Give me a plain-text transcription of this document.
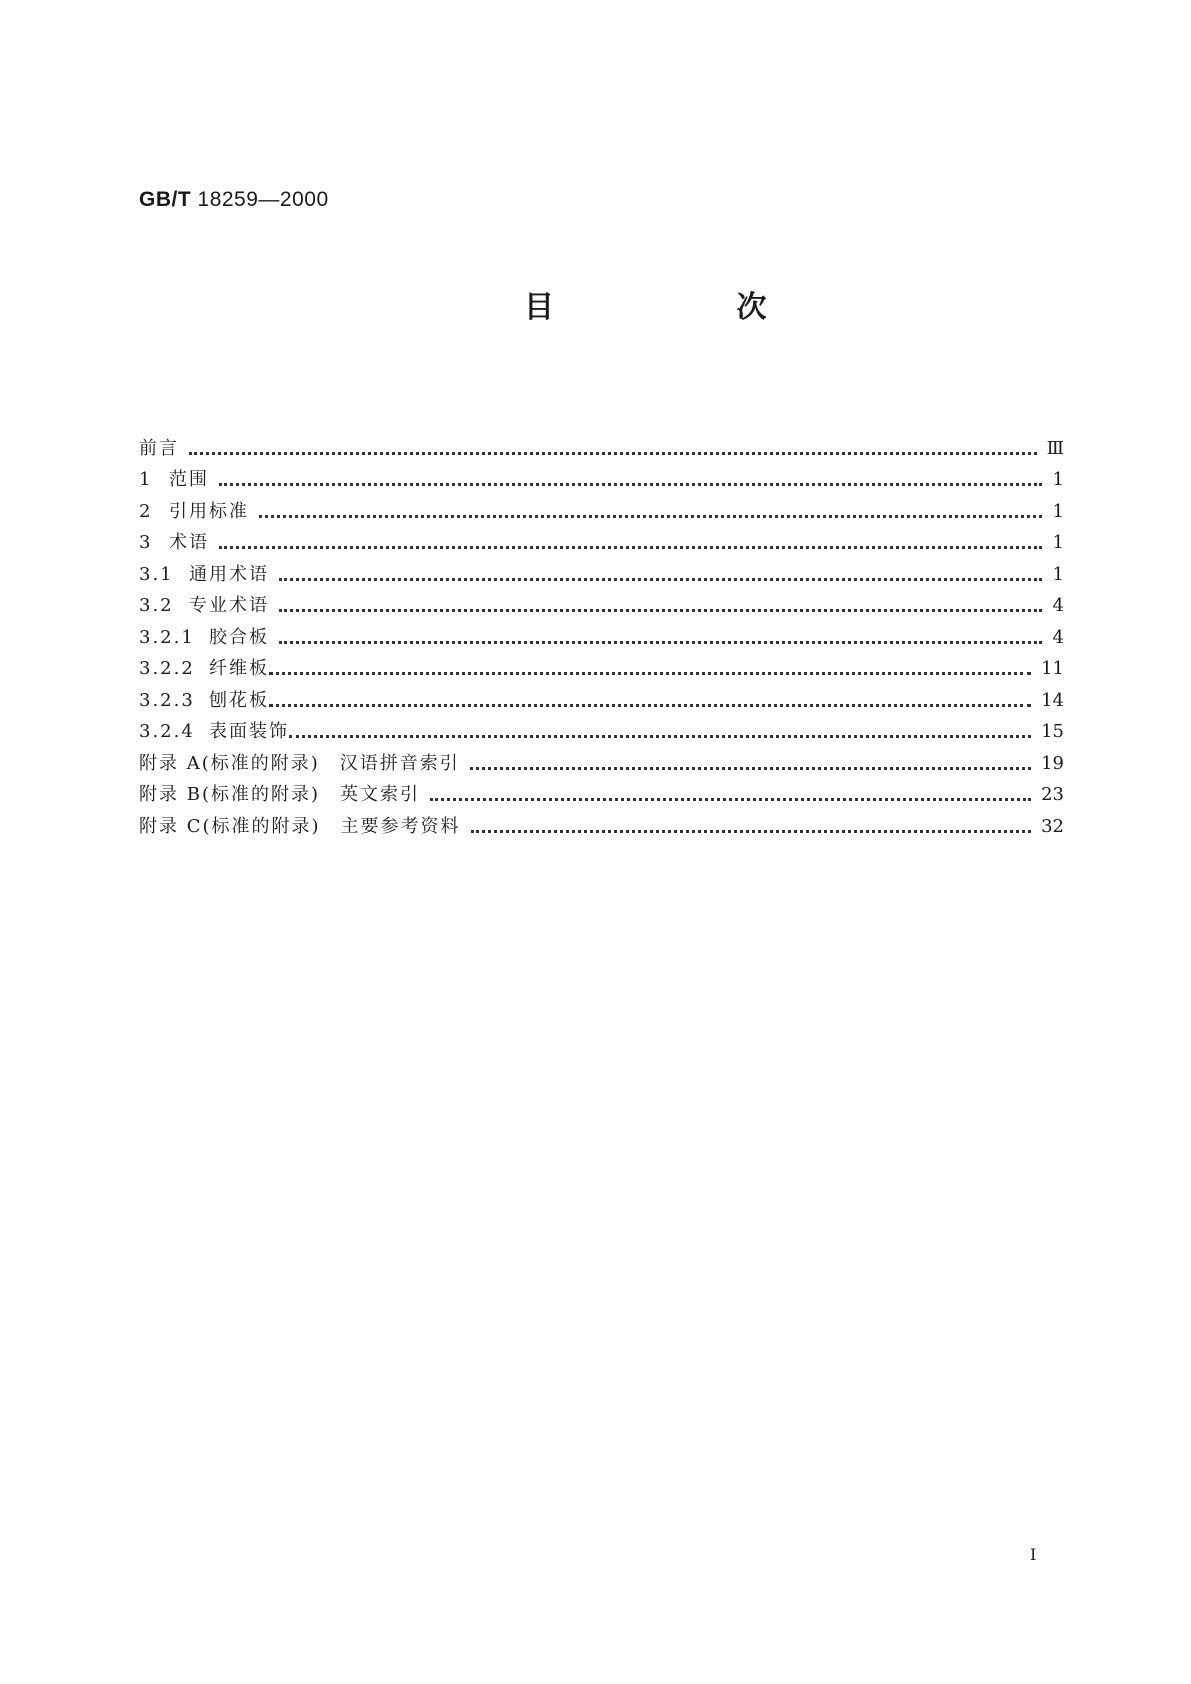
GB/T 18259—2000
目 次
前言	Ⅲ
1 范围	1
2 引用标准	1
3 术语	1
3.1 通用术语	1
3.2 专业术语	4
3.2.1 胶合板	4
3.2.2 纤维板	11
3.2.3 刨花板	14
3.2.4 表面装饰	15
附录 A(标准的附录) 汉语拼音索引	19
附录 B(标准的附录) 英文索引	23
附录 C(标准的附录) 主要参考资料	32
Ⅰ
